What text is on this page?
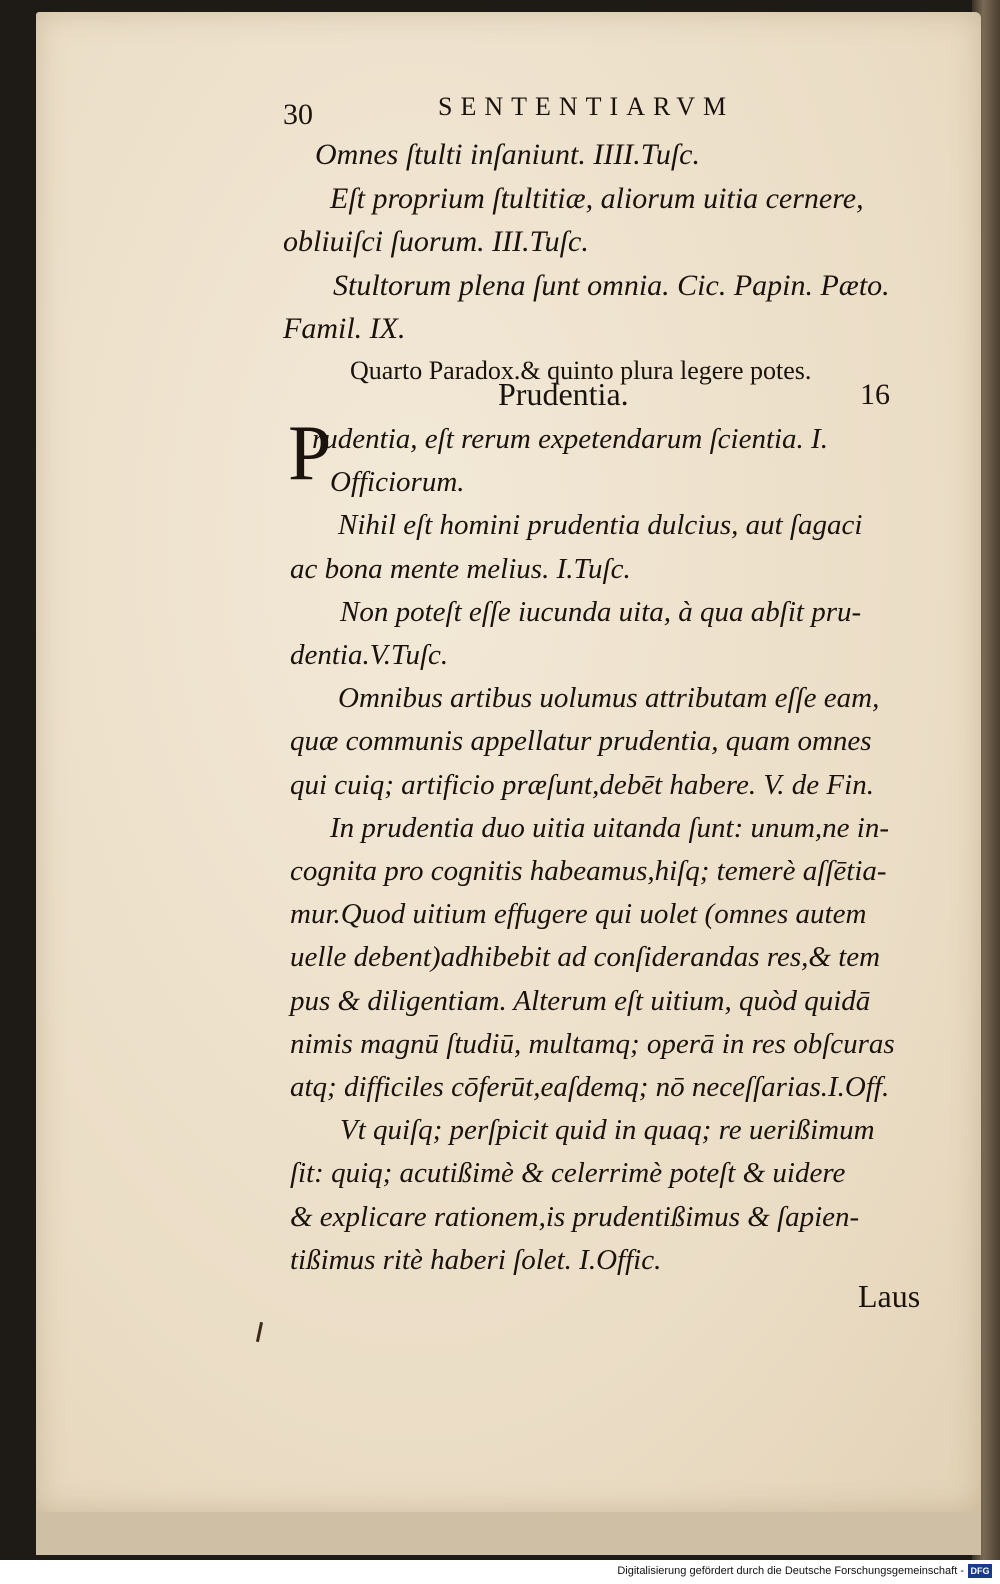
30	SENTENTIARVM
Omnes ſtulti inſaniunt. IIII.Tuſc.
Eſt proprium ſtultitiæ, aliorum uitia cernere,
obliuiſci ſuorum. III.Tuſc.
Stultorum plena ſunt omnia. Cic. Papin. Pæto.
Famil. IX.
Quarto Paradox.& quinto plura legere potes.
Prudentia.	16
P
rudentia, eſt rerum expetendarum ſcientia. I.
Officiorum.
Nihil eſt homini prudentia dulcius, aut ſagaci
ac bona mente melius. I.Tuſc.
Non poteſt eſſe iucunda uita, à qua abſit pru-
dentia.V.Tuſc.
Omnibus artibus uolumus attributam eſſe eam,
quæ communis appellatur prudentia, quam omnes
qui cuiq; artificio præſunt,debēt habere. V. de Fin.
In prudentia duo uitia uitanda ſunt: unum,ne in-
cognita pro cognitis habeamus,hiſq; temerè aſſētia-
mur.Quod uitium effugere qui uolet (omnes autem
uelle debent)adhibebit ad conſiderandas res,& tem
pus & diligentiam. Alterum eſt uitium, quòd quidā
nimis magnū ſtudiū, multamq; operā in res obſcuras
atq; difficiles cōferūt,eaſdemq; nō neceſſarias.I.Off.
Vt quiſq; perſpicit quid in quaq; re uerißimum
ſit: quiq; acutißimè & celerrimè poteſt & uidere
& explicare rationem,is prudentißimus & ſapien-
tißimus ritè haberi ſolet. I.Offic.
Laus
Digitalisierung gefördert durch die Deutsche Forschungsgemeinschaft - DFG
